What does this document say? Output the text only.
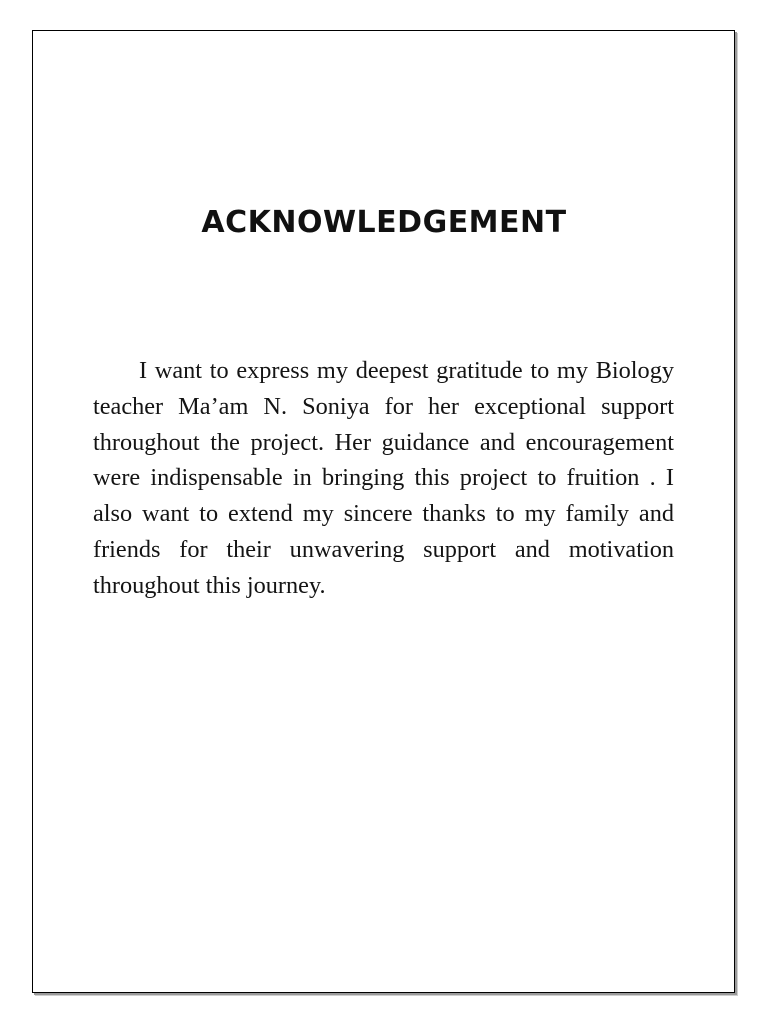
ACKNOWLEDGEMENT

I want to express my deepest gratitude to my Biology teacher Ma’am N. Soniya for her exceptional support throughout the project. Her guidance and encouragement were indispensable in bringing this project to fruition . I also want to extend my sincere thanks to my family and friends for their unwavering support and motivation throughout this journey.
